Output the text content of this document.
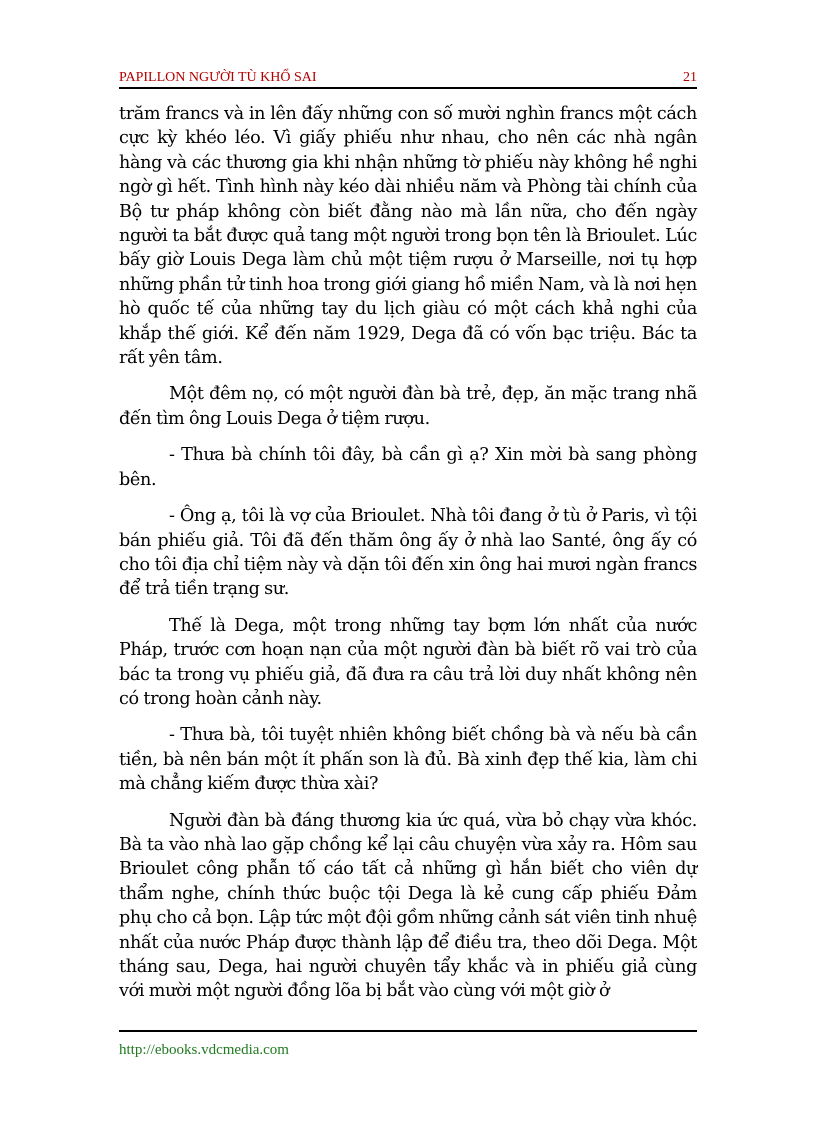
PAPILLON NGƯỜI TÙ KHỔ SAI	21

trăm francs và in lên đấy những con số mười nghìn francs một cách cực kỳ khéo léo. Vì giấy phiếu như nhau, cho nên các nhà ngân hàng và các thương gia khi nhận những tờ phiếu này không hề nghi ngờ gì hết. Tình hình này kéo dài nhiều năm và Phòng tài chính của Bộ tư pháp không còn biết đằng nào mà lần nữa, cho đến ngày người ta bắt được quả tang một người trong bọn tên là Brioulet. Lúc bấy giờ Louis Dega làm chủ một tiệm rượu ở Marseille, nơi tụ hợp những phần tử tinh hoa trong giới giang hồ miền Nam, và là nơi hẹn hò quốc tế của những tay du lịch giàu có một cách khả nghi của khắp thế giới. Kể đến năm 1929, Dega đã có vốn bạc triệu. Bác ta rất yên tâm.

Một đêm nọ, có một người đàn bà trẻ, đẹp, ăn mặc trang nhã đến tìm ông Louis Dega ở tiệm rượu.

- Thưa bà chính tôi đây, bà cần gì ạ? Xin mời bà sang phòng bên.

- Ông ạ, tôi là vợ của Brioulet. Nhà tôi đang ở tù ở Paris, vì tội bán phiếu giả. Tôi đã đến thăm ông ấy ở nhà lao Santé, ông ấy có cho tôi địa chỉ tiệm này và dặn tôi đến xin ông hai mươi ngàn francs để trả tiền trạng sư.

Thế là Dega, một trong những tay bợm lớn nhất của nước Pháp, trước cơn hoạn nạn của một người đàn bà biết rõ vai trò của bác ta trong vụ phiếu giả, đã đưa ra câu trả lời duy nhất không nên có trong hoàn cảnh này.

- Thưa bà, tôi tuyệt nhiên không biết chồng bà và nếu bà cần tiền, bà nên bán một ít phấn son là đủ. Bà xinh đẹp thế kia, làm chi mà chẳng kiếm được thừa xài?

Người đàn bà đáng thương kia ức quá, vừa bỏ chạy vừa khóc. Bà ta vào nhà lao gặp chồng kể lại câu chuyện vừa xảy ra. Hôm sau Brioulet công phẫn tố cáo tất cả những gì hắn biết cho viên dự thẩm nghe, chính thức buộc tội Dega là kẻ cung cấp phiếu Đảm phụ cho cả bọn. Lập tức một đội gồm những cảnh sát viên tinh nhuệ nhất của nước Pháp được thành lập để điều tra, theo dõi Dega. Một tháng sau, Dega, hai người chuyên tẩy khắc và in phiếu giả cùng với mười một người đồng lõa bị bắt vào cùng với một giờ ở

http://ebooks.vdcmedia.com
